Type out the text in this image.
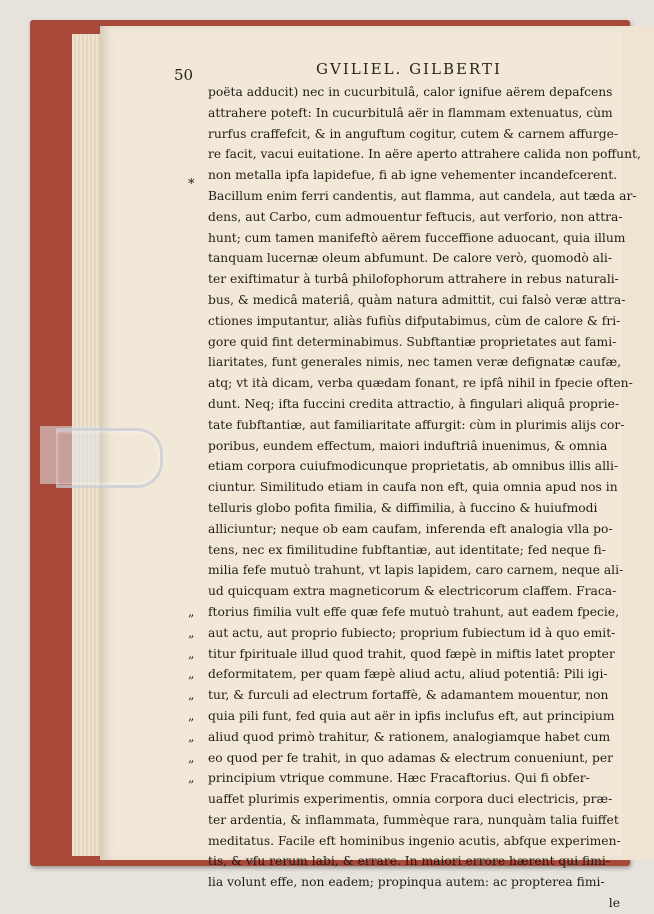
50	GVILIEL. GILBERTI
*
poëta adducit) nec in cucurbitulâ, calor ignifue aërem depafcens
attrahere poteft: In cucurbitulâ aër in flammam extenuatus, cùm
rurfus craffefcit, & in anguftum cogitur, cutem & carnem affurge-
re facit, vacui euitatione. In aëre aperto attrahere calida non poffunt,
non metalla ipfa lapidefue, fi ab igne vehementer incandefcerent.
Bacillum enim ferri candentis, aut flamma, aut candela, aut tæda ar-
dens, aut Carbo, cum admouentur feftucis, aut verforio, non attra-
hunt; cum tamen manifeftò aërem fucceffione aduocant, quia illum
tanquam lucernæ oleum abfumunt. De calore verò, quomodò ali-
ter exiftimatur à turbâ philofophorum attrahere in rebus naturali-
bus, & medicâ materiâ, quàm natura admittit, cui falsò veræ attra-
ctiones imputantur, aliàs fufiùs difputabimus, cùm de calore & fri-
gore quid fint determinabimus. Subftantiæ proprietates aut fami-
liaritates, funt generales nimis, nec tamen veræ defignatæ caufæ,
atq; vt ità dicam, verba quædam fonant, re ipfâ nihil in fpecie often-
dunt. Neq; ifta fuccini credita attractio, à fingulari aliquâ proprie-
tate fubftantiæ, aut familiaritate affurgit: cùm in plurimis alijs cor-
poribus, eundem effectum, maiori induftriâ inuenimus, & omnia
etiam corpora cuiufmodicunque proprietatis, ab omnibus illis alli-
ciuntur. Similitudo etiam in caufa non eft, quia omnia apud nos in
telluris globo pofita fimilia, & diffimilia, à fuccino & huiufmodi
alliciuntur; neque ob eam caufam, inferenda eft analogia vlla po-
tens, nec ex fimilitudine fubftantiæ, aut identitate; fed neque fi-
milia fefe mutuò trahunt, vt lapis lapidem, caro carnem, neque ali-
ud quicquam extra magneticorum & electricorum claffem. Fraca-
„ ftorius fimilia vult effe quæ fefe mutuò trahunt, aut eadem fpecie,
„ aut actu, aut proprio fubiecto; proprium fubiectum id à quo emit-
„ titur fpirituale illud quod trahit, quod fæpè in miftis latet propter
„ deformitatem, per quam fæpè aliud actu, aliud potentiâ: Pili igi-
„ tur, & furculi ad electrum fortaffè, & adamantem mouentur, non
„ quia pili funt, fed quia aut aër in ipfis inclufus eft, aut principium
„ aliud quod primò trahitur, & rationem, analogiamque habet cum
„ eo quod per fe trahit, in quo adamas & electrum conueniunt, per
„ principium vtrique commune. Hæc Fracaftorius. Qui fi obfer-
uaffet plurimis experimentis, omnia corpora duci electricis, præ-
ter ardentia, & inflammata, fummèque rara, nunquàm talia fuiffet
meditatus. Facile eft hominibus ingenio acutis, abfque experimen-
tis, & vfu rerum labi, & errare. In maiori errore hærent qui fimi-
lia volunt effe, non eadem; propinqua autem: ac propterea fimi-
le
